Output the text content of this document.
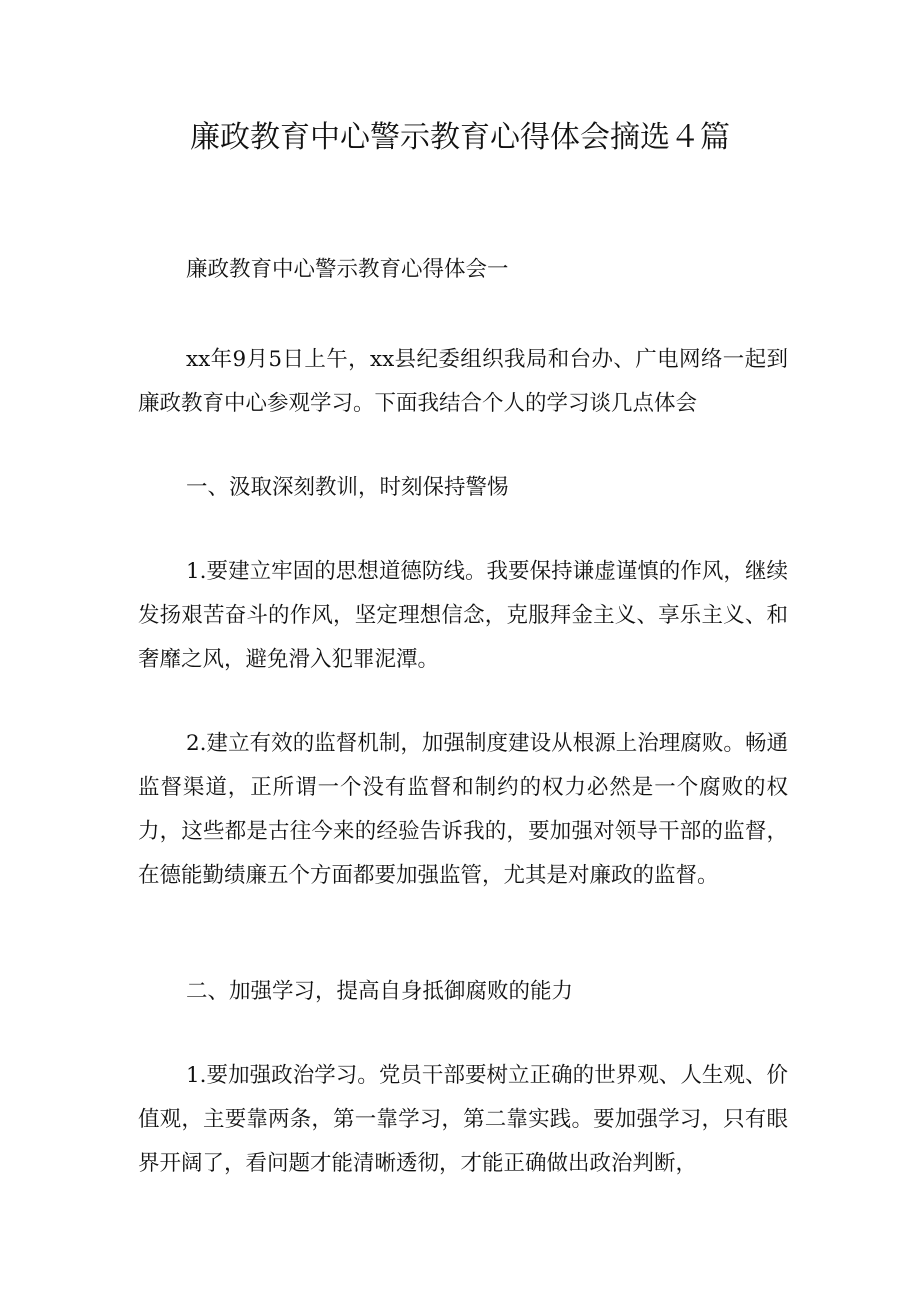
廉政教育中心警示教育心得体会摘选４篇

廉政教育中心警示教育心得体会一

xx年9月5日上午，xx县纪委组织我局和台办、广电网络一起到廉政教育中心参观学习。下面我结合个人的学习谈几点体会

一、汲取深刻教训，时刻保持警惕

1.要建立牢固的思想道德防线。我要保持谦虚谨慎的作风，继续发扬艰苦奋斗的作风，坚定理想信念，克服拜金主义、享乐主义、和奢靡之风，避免滑入犯罪泥潭。

2.建立有效的监督机制，加强制度建设从根源上治理腐败。畅通监督渠道，正所谓一个没有监督和制约的权力必然是一个腐败的权力，这些都是古往今来的经验告诉我的，要加强对领导干部的监督，在德能勤绩廉五个方面都要加强监管，尤其是对廉政的监督。

二、加强学习，提高自身抵御腐败的能力

1.要加强政治学习。党员干部要树立正确的世界观、人生观、价值观，主要靠两条，第一靠学习，第二靠实践。要加强学习，只有眼界开阔了，看问题才能清晰透彻，才能正确做出政治判断，
